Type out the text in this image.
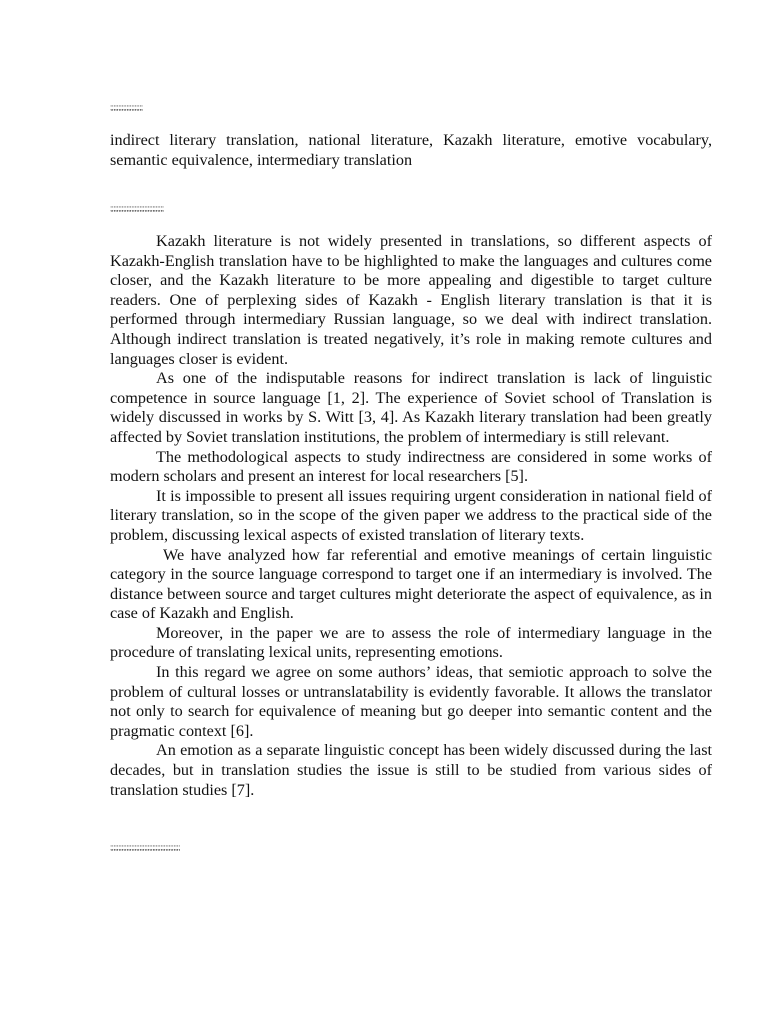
;;;;;;;;;;;;;;;;;;;;
indirect literary translation, national literature, Kazakh literature, emotive vocabulary, semantic equivalence, intermediary translation
;;;;;;;;;;;;;;;;;;;;;;;;;;;;;;;;;

Kazakh literature is not widely presented in translations, so different aspects of Kazakh-English translation have to be highlighted to make the languages and cultures come closer, and the Kazakh literature to be more appealing and digestible to target culture readers. One of perplexing sides of Kazakh - English literary translation is that it is performed through intermediary Russian language, so we deal with indirect translation. Although indirect translation is treated negatively, it’s role in making remote cultures and languages closer is evident.

As one of the indisputable reasons for indirect translation is lack of linguistic competence in source language [1, 2]. The experience of Soviet school of Translation is widely discussed in works by S. Witt [3, 4]. As Kazakh literary translation had been greatly affected by Soviet translation institutions, the problem of intermediary is still relevant.

The methodological aspects to study indirectness are considered in some works of modern scholars and present an interest for local researchers [5].

It is impossible to present all issues requiring urgent consideration in national field of literary translation, so in the scope of the given paper we address to the practical side of the problem, discussing lexical aspects of existed translation of literary texts.

We have analyzed how far referential and emotive meanings of certain linguistic category in the source language correspond to target one if an intermediary is involved. The distance between source and target cultures might deteriorate the aspect of equivalence, as in case of Kazakh and English.

Moreover, in the paper we are to assess the role of intermediary language in the procedure of translating lexical units, representing emotions.

In this regard we agree on some authors’ ideas, that semiotic approach to solve the problem of cultural losses or untranslatability is evidently favorable. It allows the translator not only to search for equivalence of meaning but go deeper into semantic content and the pragmatic context [6].

An emotion as a separate linguistic concept has been widely discussed during the last decades, but in translation studies the issue is still to be studied from various sides of translation studies [7].

;;;;;;;;;;;;;;;;;;;;;;;;;;;;;;;;;;;;;;;;;;;
